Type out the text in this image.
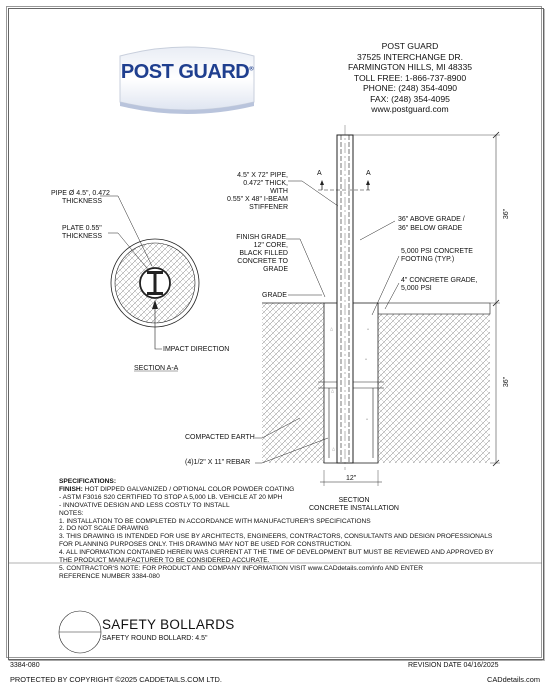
POST GUARD®
POST GUARD
37525 INTERCHANGE DR.
FARMINGTON HILLS, MI 48335
TOLL FREE: 1-866-737-8900
PHONE: (248) 354-4090
FAX: (248) 354-4095
www.postguard.com
△
▵
△
▵
△
▵
PIPE Ø 4.5", 0.472
THICKNESS
PLATE 0.55"
THICKNESS
IMPACT DIRECTION
SECTION A-A
4.5" X 72" PIPE,
0.472" THICK,
WITH
0.55" X 48" I-BEAM
STIFFENER
FINISH GRADE,
12" CORE,
BLACK FILLED
CONCRETE TO
GRADE
GRADE
36" ABOVE GRADE /
36" BELOW GRADE
5,000 PSI CONCRETE
FOOTING (TYP.)
4" CONCRETE GRADE,
5,000 PSI
COMPACTED EARTH
(4)1/2" X 11" REBAR
12"
36"
36"
A	A
SECTION
CONCRETE INSTALLATION
SPECIFICATIONS:
FINISH: HOT DIPPED GALVANIZED / OPTIONAL COLOR POWDER COATING
- ASTM F3016 S20 CERTIFIED TO STOP A 5,000 LB. VEHICLE AT 20 MPH
- INNOVATIVE DESIGN AND LESS COSTLY TO INSTALL
NOTES:
1. INSTALLATION TO BE COMPLETED IN ACCORDANCE WITH MANUFACTURER'S SPECIFICATIONS
2. DO NOT SCALE DRAWING
3. THIS DRAWING IS INTENDED FOR USE BY ARCHITECTS, ENGINEERS, CONTRACTORS, CONSULTANTS AND DESIGN PROFESSIONALS
FOR PLANNING PURPOSES ONLY. THIS DRAWING MAY NOT BE USED FOR CONSTRUCTION.
4. ALL INFORMATION CONTAINED HEREIN WAS CURRENT AT THE TIME OF DEVELOPMENT BUT MUST BE REVIEWED AND APPROVED BY
THE PRODUCT MANUFACTURER TO BE CONSIDERED ACCURATE.
5. CONTRACTOR'S NOTE: FOR PRODUCT AND COMPANY INFORMATION VISIT www.CADdetails.com/info AND ENTER
REFERENCE NUMBER 3384-080
SAFETY BOLLARDS
SAFETY ROUND BOLLARD: 4.5"
3384-080	REVISION DATE 04/16/2025
PROTECTED BY COPYRIGHT ©2025 CADDETAILS.COM LTD.	CADdetails.com
